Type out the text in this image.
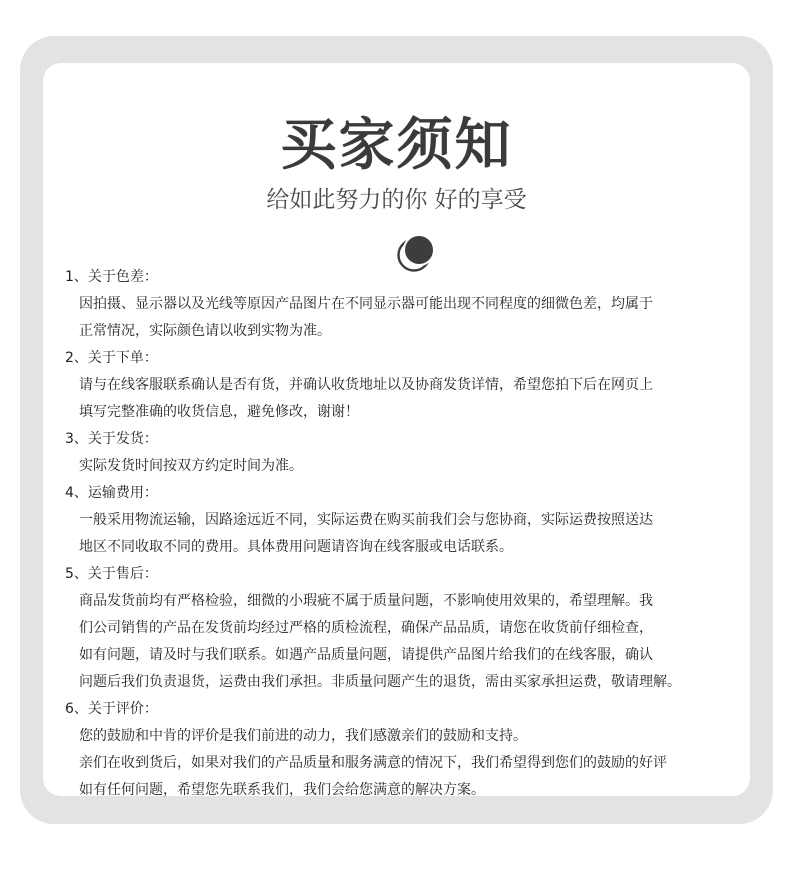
买家须知
给如此努力的你 好的享受
1、关于色差：
因拍摄、显示器以及光线等原因产品图片在不同显示器可能出现不同程度的细微色差，均属于
正常情况，实际颜色请以收到实物为准。
2、关于下单：
请与在线客服联系确认是否有货，并确认收货地址以及协商发货详情，希望您拍下后在网页上
填写完整准确的收货信息，避免修改，谢谢！
3、关于发货：
实际发货时间按双方约定时间为准。
4、运输费用：
一般采用物流运输，因路途远近不同，实际运费在购买前我们会与您协商，实际运费按照送达
地区不同收取不同的费用。具体费用问题请咨询在线客服或电话联系。
5、关于售后：
商品发货前均有严格检验，细微的小瑕疵不属于质量问题，不影响使用效果的，希望理解。我
们公司销售的产品在发货前均经过严格的质检流程，确保产品品质，请您在收货前仔细检查，
如有问题，请及时与我们联系。如遇产品质量问题，请提供产品图片给我们的在线客服，确认
问题后我们负责退货，运费由我们承担。非质量问题产生的退货，需由买家承担运费，敬请理解。
6、关于评价：
您的鼓励和中肯的评价是我们前进的动力，我们感激亲们的鼓励和支持。
亲们在收到货后，如果对我们的产品质量和服务满意的情况下，我们希望得到您们的鼓励的好评
如有任何问题，希望您先联系我们，我们会给您满意的解决方案。
